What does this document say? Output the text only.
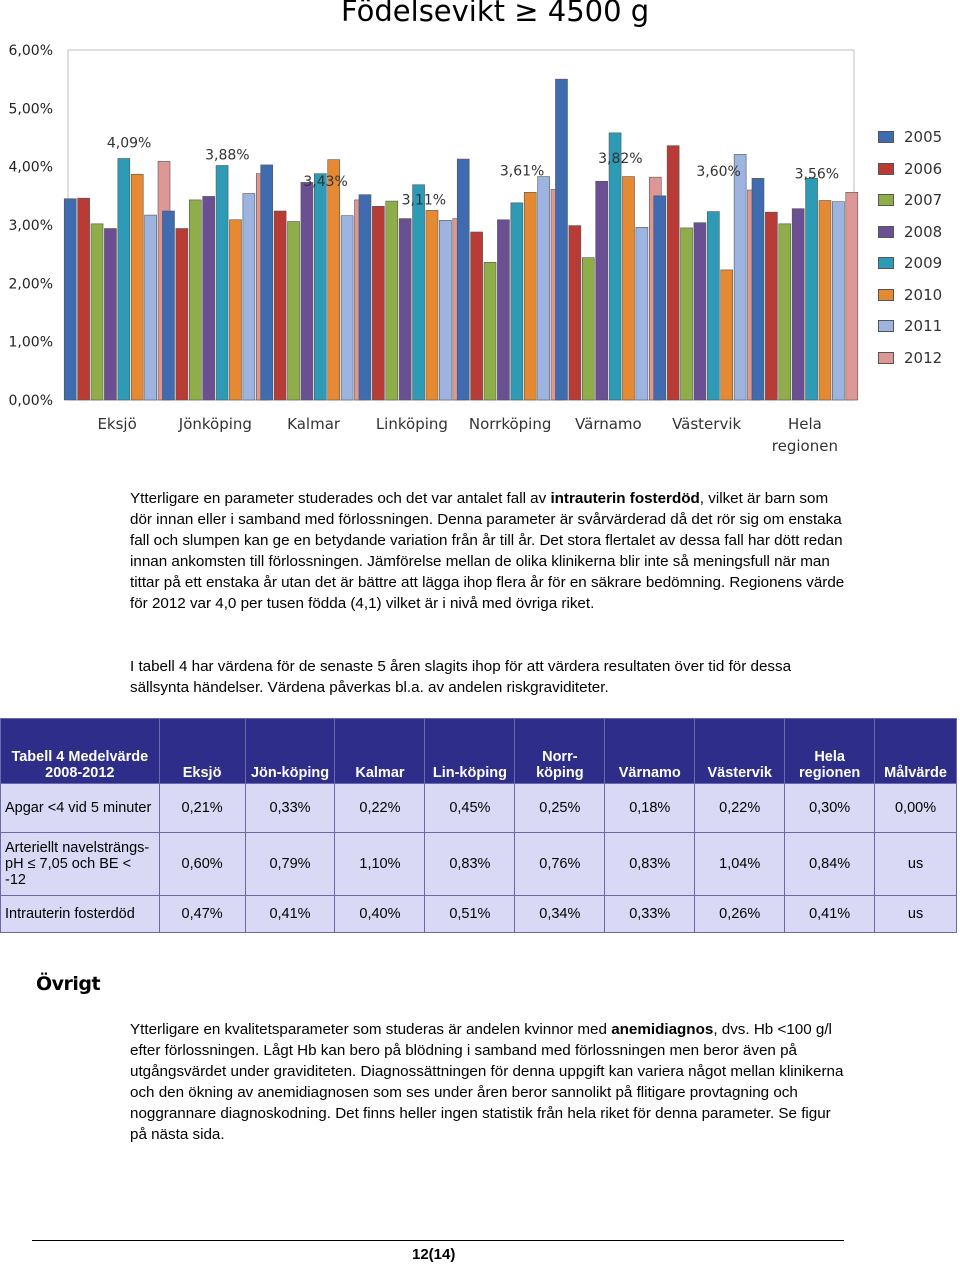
Födelsevikt ≥ 4500 g
0,00%
1,00%
2,00%
3,00%
4,00%
5,00%
6,00%
Eksjö
4,09%
Jönköping
3,88%
Kalmar
3,43%
Linköping
3,11%
Norrköping
3,61%
Värnamo
3,82%
Västervik
3,60%
Hela
regionen
3,56%
2005
2006
2007
2008
2009
2010
2011
2012
Ytterligare en parameter studerades och det var antalet fall av intrauterin fosterdöd, vilket är barn som dör innan eller i samband med förlossningen. Denna parameter är svårvärderad då det rör sig om enstaka fall och slumpen kan ge en betydande variation från år till år. Det stora flertalet av dessa fall har dött redan innan ankomsten till förlossningen. Jämförelse mellan de olika klinikerna blir inte så meningsfull när man tittar på ett enstaka år utan det är bättre att lägga ihop flera år för en säkrare bedömning. Regionens värde för 2012 var 4,0 per tusen födda (4,1) vilket är i nivå med övriga riket.
I tabell 4 har värdena för de senaste 5 åren slagits ihop för att värdera resultaten över tid för dessa sällsynta händelser. Värdena påverkas bl.a. av andelen riskgraviditeter.
Tabell 4 Medelvärde 2008-2012	Eksjö	Jön-köping	Kalmar	Lin-köping	Norr-köping	Värnamo	Västervik	Hela regionen	Målvärde
Apgar <4 vid 5 minuter	0,21%	0,33%	0,22%	0,45%	0,25%	0,18%	0,22%	0,30%	0,00%
Arteriellt navelsträngs-pH ≤ 7,05 och BE < -12	0,60%	0,79%	1,10%	0,83%	0,76%	0,83%	1,04%	0,84%	us
Intrauterin fosterdöd	0,47%	0,41%	0,40%	0,51%	0,34%	0,33%	0,26%	0,41%	us
Övrigt
Ytterligare en kvalitetsparameter som studeras är andelen kvinnor med anemidiagnos, dvs. Hb <100 g/l efter förlossningen. Lågt Hb kan bero på blödning i samband med förlossningen men beror även på utgångsvärdet under graviditeten. Diagnossättningen för denna uppgift kan variera något mellan klinikerna och den ökning av anemidiagnosen som ses under åren beror sannolikt på flitigare provtagning och noggrannare diagnoskodning. Det finns heller ingen statistik från hela riket för denna parameter. Se figur på nästa sida.
12(14)
